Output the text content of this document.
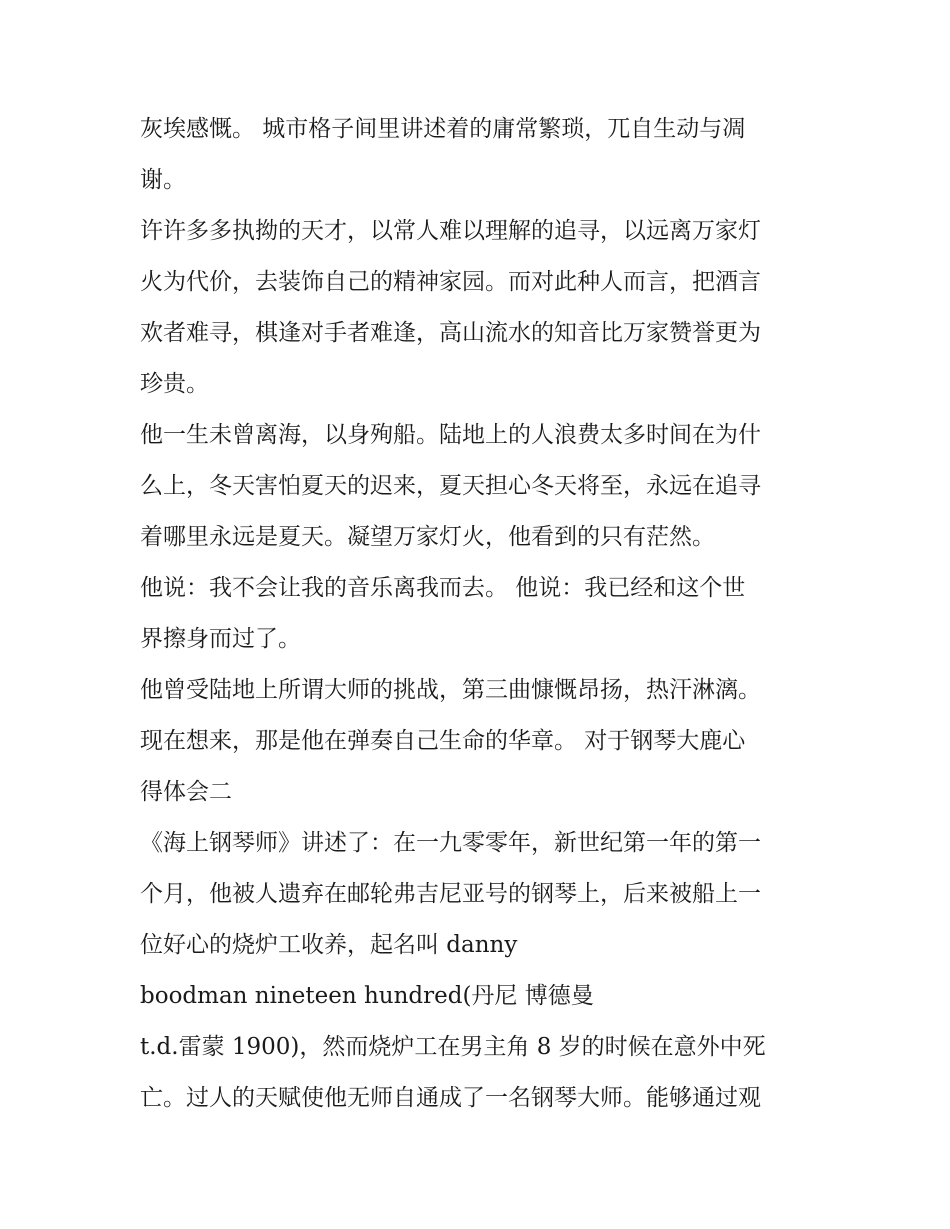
灰埃感慨。 城市格子间里讲述着的庸常繁琐，兀自生动与凋
谢。
许许多多执拗的天才，以常人难以理解的追寻，以远离万家灯
火为代价，去装饰自己的精神家园。而对此种人而言，把酒言
欢者难寻，棋逢对手者难逢，高山流水的知音比万家赞誉更为
珍贵。
他一生未曾离海，以身殉船。陆地上的人浪费太多时间在为什
么上，冬天害怕夏天的迟来，夏天担心冬天将至，永远在追寻
着哪里永远是夏天。凝望万家灯火，他看到的只有茫然。
他说：我不会让我的音乐离我而去。 他说：我已经和这个世
界擦身而过了。
他曾受陆地上所谓大师的挑战，第三曲慷慨昂扬，热汗淋漓。
现在想来，那是他在弹奏自己生命的华章。 对于钢琴大鹿心
得体会二
《海上钢琴师》讲述了：在一九零零年，新世纪第一年的第一
个月，他被人遗弃在邮轮弗吉尼亚号的钢琴上，后来被船上一
位好心的烧炉工收养，起名叫 danny
boodman nineteen hundred(丹尼 博德曼
t.d.雷蒙 1900)，然而烧炉工在男主角 8 岁的时候在意外中死
亡。过人的天赋使他无师自通成了一名钢琴大师。能够通过观
